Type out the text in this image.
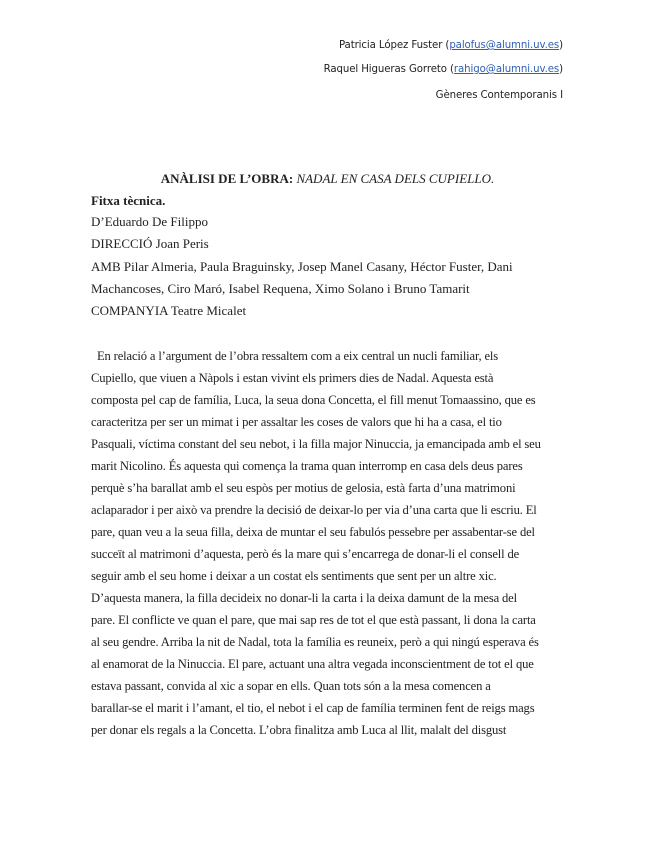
Patricia López Fuster (palofus@alumni.uv.es)
Raquel Higueras Gorreto (rahigo@alumni.uv.es)
Gèneres Contemporanis I
ANÀLISI DE L’OBRA: NADAL EN CASA DELS CUPIELLO.
Fitxa tècnica.
D’Eduardo De Filippo
DIRECCIÓ Joan Peris
AMB Pilar Almeria, Paula Braguinsky, Josep Manel Casany, Héctor Fuster, Dani
Machancoses, Ciro Maró, Isabel Requena, Ximo Solano i Bruno Tamarit
COMPANYIA Teatre Micalet
En relació a l’argument de l’obra ressaltem com a eix central un nucli familiar, els
Cupiello, que viuen a Nàpols i estan vivint els primers dies de Nadal. Aquesta està
composta pel cap de família, Luca, la seua dona Concetta, el fill menut Tomaassino, que es
caracteritza per ser un mimat i per assaltar les coses de valors que hi ha a casa, el tio
Pasquali, víctima constant del seu nebot, i la filla major Ninuccia, ja emancipada amb el seu
marit Nicolino. És aquesta qui comença la trama quan interromp en casa dels deus pares
perquè s’ha barallat amb el seu espòs per motius de gelosia, està farta d’una matrimoni
aclaparador i per això va prendre la decisió de deixar-lo per via d’una carta que li escriu. El
pare, quan veu a la seua filla, deixa de muntar el seu fabulós pessebre per assabentar-se del
succeït al matrimoni d’aquesta, però és la mare qui s’encarrega de donar-li el consell de
seguir amb el seu home i deixar a un costat els sentiments que sent per un altre xic.
D’aquesta manera, la filla decideix no donar-li la carta i la deixa damunt de la mesa del
pare. El conflicte ve quan el pare, que mai sap res de tot el que està passant, li dona la carta
al seu gendre. Arriba la nit de Nadal, tota la família es reuneix, però a qui ningú esperava és
al enamorat de la Ninuccia. El pare, actuant una altra vegada inconscientment de tot el que
estava passant, convida al xic a sopar en ells. Quan tots són a la mesa comencen a
barallar-se el marit i l’amant, el tio, el nebot i el cap de família terminen fent de reigs mags
per donar els regals a la Concetta. L’obra finalitza amb Luca al llit, malalt del disgust
